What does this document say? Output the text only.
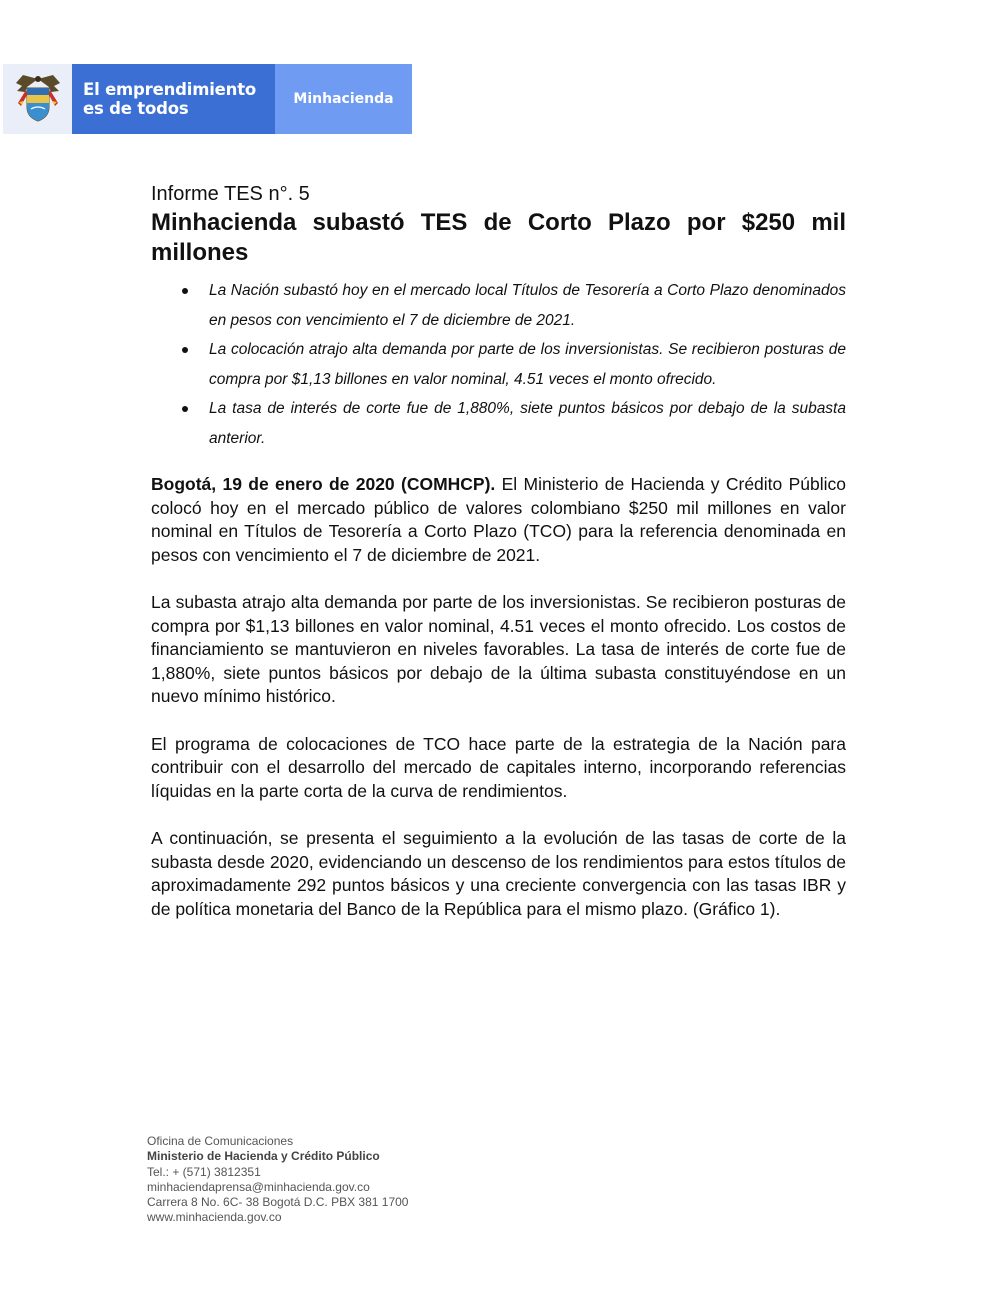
El emprendimiento
es de todos	Minhacienda
Informe TES n°. 5
Minhacienda subastó TES de Corto Plazo por $250 mil millones
La Nación subastó hoy en el mercado local Títulos de Tesorería a Corto Plazo denominados en pesos con vencimiento el 7 de diciembre de 2021.
La colocación atrajo alta demanda por parte de los inversionistas. Se recibieron posturas de compra por $1,13 billones en valor nominal, 4.51 veces el monto ofrecido.
La tasa de interés de corte fue de 1,880%, siete puntos básicos por debajo de la subasta anterior.

Bogotá, 19 de enero de 2020 (COMHCP). El Ministerio de Hacienda y Crédito Público colocó hoy en el mercado público de valores colombiano $250 mil millones en valor nominal en Títulos de Tesorería a Corto Plazo (TCO) para la referencia denominada en pesos con vencimiento el 7 de diciembre de 2021.

La subasta atrajo alta demanda por parte de los inversionistas. Se recibieron posturas de compra por $1,13 billones en valor nominal, 4.51 veces el monto ofrecido. Los costos de financiamiento se mantuvieron en niveles favorables. La tasa de interés de corte fue de 1,880%, siete puntos básicos por debajo de la última subasta constituyéndose en un nuevo mínimo histórico.

El programa de colocaciones de TCO hace parte de la estrategia de la Nación para contribuir con el desarrollo del mercado de capitales interno, incorporando referencias líquidas en la parte corta de la curva de rendimientos.

A continuación, se presenta el seguimiento a la evolución de las tasas de corte de la subasta desde 2020, evidenciando un descenso de los rendimientos para estos títulos de aproximadamente 292 puntos básicos y una creciente convergencia con las tasas IBR y de política monetaria del Banco de la República para el mismo plazo. (Gráfico 1).

Oficina de Comunicaciones
Ministerio de Hacienda y Crédito Público
Tel.: + (571) 3812351
minhaciendaprensa@minhacienda.gov.co
Carrera 8 No. 6C- 38 Bogotá D.C. PBX 381 1700
www.minhacienda.gov.co
